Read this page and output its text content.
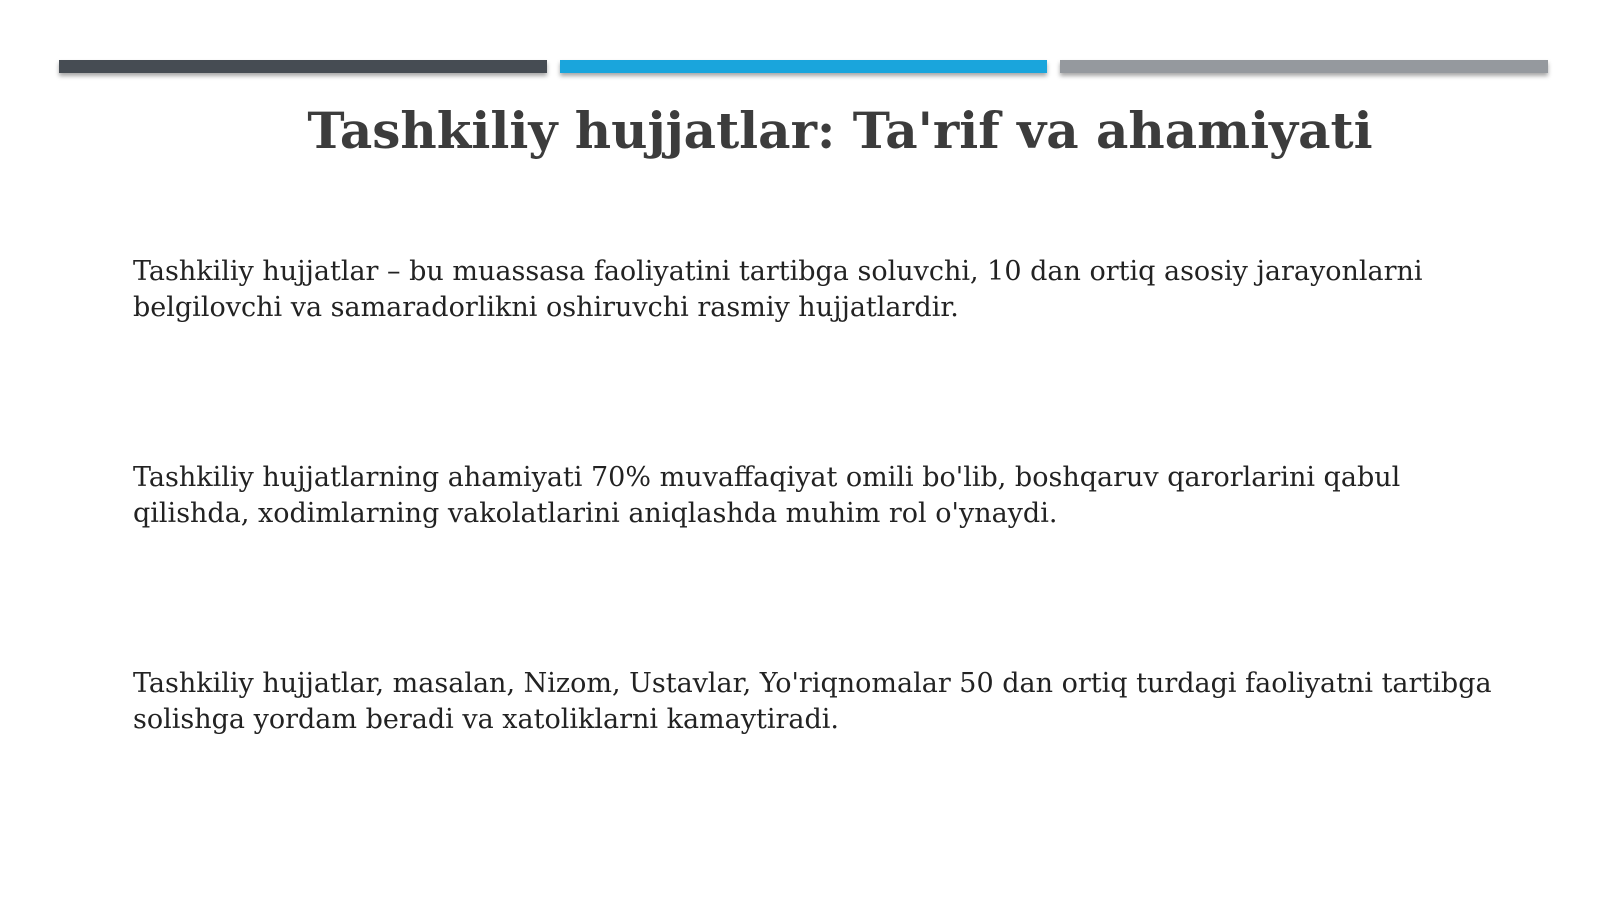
Tashkiliy hujjatlar: Ta'rif va ahamiyati

Tashkiliy hujjatlar – bu muassasa faoliyatini tartibga soluvchi, 10 dan ortiq asosiy jarayonlarni belgilovchi va samaradorlikni oshiruvchi rasmiy hujjatlardir.

Tashkiliy hujjatlarning ahamiyati 70% muvaffaqiyat omili bo'lib, boshqaruv qarorlarini qabul qilishda, xodimlarning vakolatlarini aniqlashda muhim rol o'ynaydi.

Tashkiliy hujjatlar, masalan, Nizom, Ustavlar, Yo'riqnomalar 50 dan ortiq turdagi faoliyatni tartibga solishga yordam beradi va xatoliklarni kamaytiradi.
